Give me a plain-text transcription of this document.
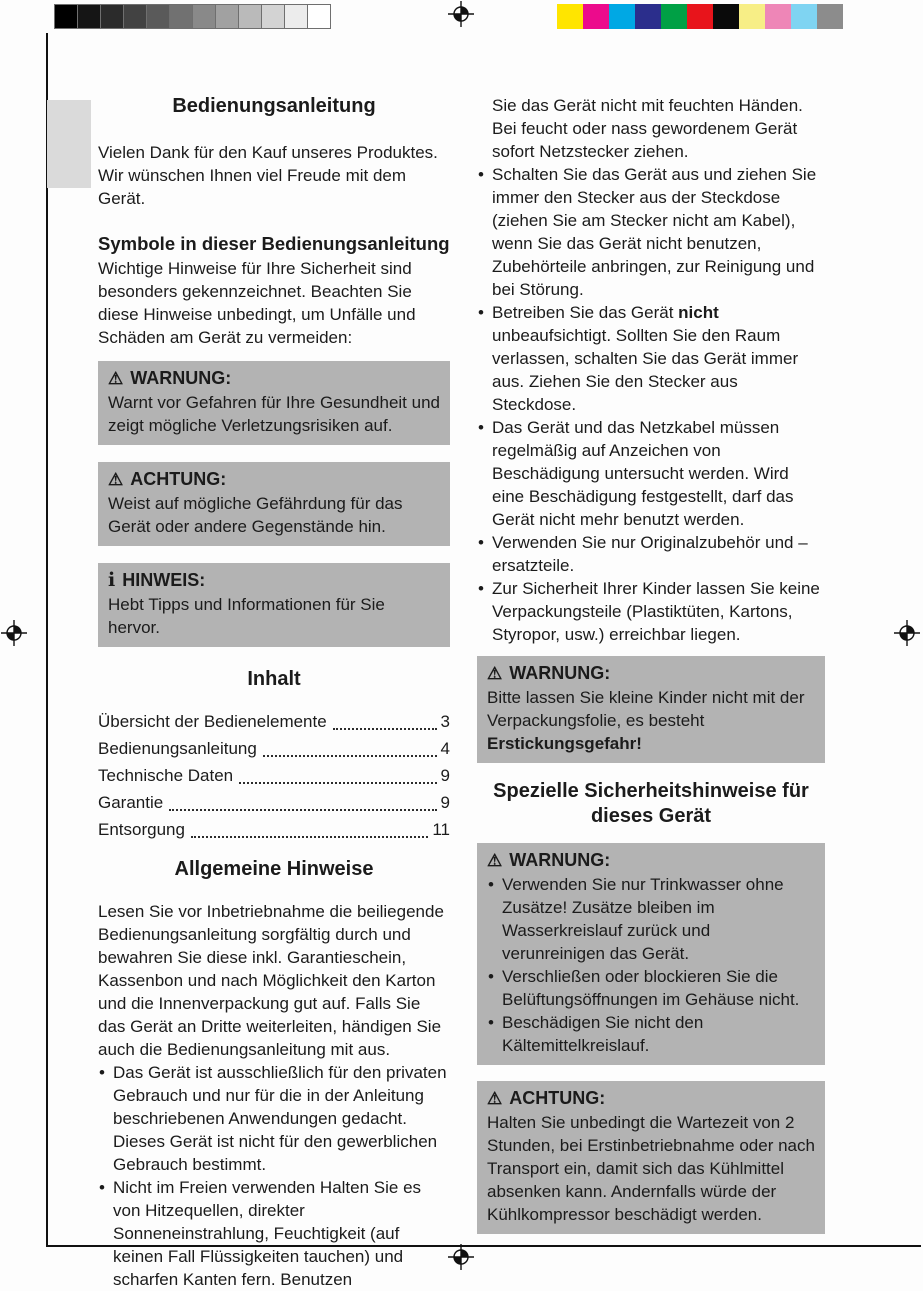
Bedienungsanleitung

Vielen Dank für den Kauf unseres Produktes. Wir wünschen Ihnen viel Freude mit dem Gerät.

Symbole in dieser Bedienungsanleitung

Wichtige Hinweise für Ihre Sicherheit sind besonders gekennzeichnet. Beachten Sie diese Hinweise unbedingt, um Unfälle und Schäden am Gerät zu vermeiden:

⚠ WARNUNG:
Warnt vor Gefahren für Ihre Gesundheit und zeigt mögliche Verletzungsrisiken auf.
⚠ ACHTUNG:
Weist auf mögliche Gefährdung für das Gerät oder andere Gegenstände hin.
i HINWEIS:
Hebt Tipps und Informationen für Sie hervor.
Inhalt
Übersicht der Bedienelemente	3
Bedienungsanleitung	4
Technische Daten	9
Garantie	9
Entsorgung	11
Allgemeine Hinweise

Lesen Sie vor Inbetriebnahme die beiliegende Bedienungsanleitung sorgfältig durch und bewahren Sie diese inkl. Garantieschein, Kassenbon und nach Möglichkeit den Karton und die Innenverpackung gut auf. Falls Sie das Gerät an Dritte weiterleiten, händigen Sie auch die Bedienungsanleitung mit aus.

• Das Gerät ist ausschließlich für den privaten Gebrauch und nur für die in der Anleitung beschriebenen Anwendungen gedacht. Dieses Gerät ist nicht für den gewerblichen Gebrauch bestimmt.
• Nicht im Freien verwenden Halten Sie es von Hitzequellen, direkter Sonneneinstrahlung, Feuchtigkeit (auf keinen Fall Flüssigkeiten tauchen) und scharfen Kanten fern. Benutzen

Sie das Gerät nicht mit feuchten Händen. Bei feucht oder nass gewordenem Gerät sofort Netzstecker ziehen.

• Schalten Sie das Gerät aus und ziehen Sie immer den Stecker aus der Steckdose (ziehen Sie am Stecker nicht am Kabel), wenn Sie das Gerät nicht benutzen, Zubehörteile anbringen, zur Reinigung und bei Störung.
• Betreiben Sie das Gerät nicht unbeaufsichtigt. Sollten Sie den Raum verlassen, schalten Sie das Gerät immer aus. Ziehen Sie den Stecker aus Steckdose.
• Das Gerät und das Netzkabel müssen regelmäßig auf Anzeichen von Beschädigung untersucht werden. Wird eine Beschädigung festgestellt, darf das Gerät nicht mehr benutzt werden.
• Verwenden Sie nur Originalzubehör und – ersatzteile.
• Zur Sicherheit Ihrer Kinder lassen Sie keine Verpackungsteile (Plastiktüten, Kartons, Styropor, usw.) erreichbar liegen.
⚠ WARNUNG:
Bitte lassen Sie kleine Kinder nicht mit der Verpackungsfolie, es besteht Erstickungsgefahr!
Spezielle Sicherheitshinweise für dieses Gerät
⚠ WARNUNG:
• Verwenden Sie nur Trinkwasser ohne Zusätze! Zusätze bleiben im Wasserkreislauf zurück und verunreinigen das Gerät.
• Verschließen oder blockieren Sie die Belüftungsöffnungen im Gehäuse nicht.
• Beschädigen Sie nicht den Kältemittelkreislauf.
⚠ ACHTUNG:
Halten Sie unbedingt die Wartezeit von 2 Stunden, bei Erstinbetriebnahme oder nach Transport ein, damit sich das Kühlmittel absenken kann. Andernfalls würde der Kühlkompressor beschädigt werden.
